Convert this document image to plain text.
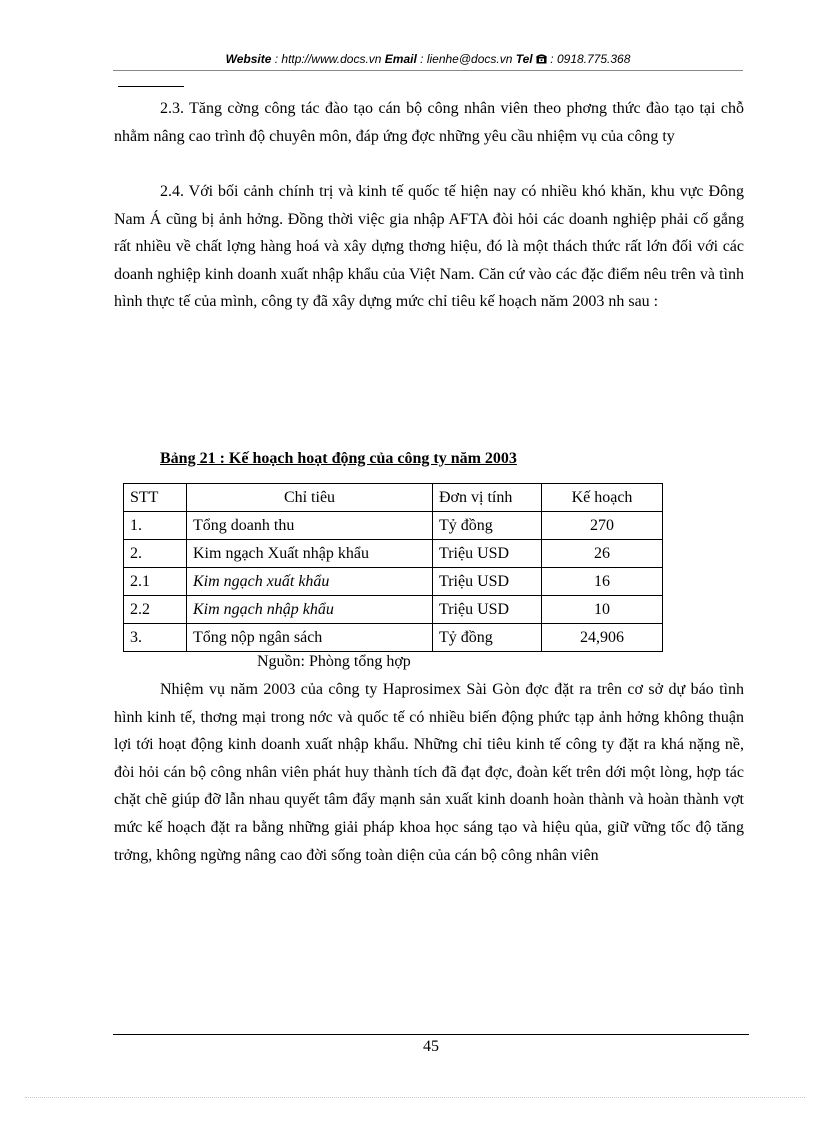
Website : http://www.docs.vn Email : lienhe@docs.vn Tel  : 0918.775.368

2.3. Tăng cờng công tác đào tạo cán bộ công nhân viên theo phơng thức đào tạo tại chỗ nhằm nâng cao trình độ chuyên môn, đáp ứng đợc những yêu cầu nhiệm vụ của công ty

2.4. Với bối cảnh chính trị và kinh tế quốc tế hiện nay có nhiều khó khăn, khu vực Đông Nam Á cũng bị ảnh hởng. Đồng thời việc gia nhập AFTA đòi hỏi các doanh nghiệp phải cố gắng rất nhiều về chất lợng hàng hoá và xây dựng thơng hiệu, đó là một thách thức rất lớn đối với các doanh nghiệp kinh doanh xuất nhập khẩu của Việt Nam. Căn cứ vào các đặc điểm nêu trên và tình hình thực tế của mình, công ty đã xây dựng mức chỉ tiêu kế hoạch năm 2003 nh sau :

Bảng 21 : Kế hoạch hoạt động của công ty năm 2003
STT	Chỉ tiêu	Đơn vị tính	Kế hoạch
1.	Tổng doanh thu	Tỷ đồng	270
2.	Kim ngạch Xuất nhập khẩu	Triệu USD	26
2.1	Kim ngạch xuất khẩu	Triệu USD	16
2.2	Kim ngạch nhập khẩu	Triệu USD	10
3.	Tổng nộp ngân sách	Tỷ đồng	24,906
Nguồn: Phòng tổng hợp

Nhiệm vụ năm 2003 của công ty Haprosimex Sài Gòn đợc đặt ra trên cơ sở dự báo tình hình kinh tế, thơng mại trong nớc và quốc tế có nhiều biến động phức tạp ảnh hởng không thuận lợi tới hoạt động kinh doanh xuất nhập khẩu. Những chỉ tiêu kinh tế công ty đặt ra khá nặng nề, đòi hỏi cán bộ công nhân viên phát huy thành tích đã đạt đợc, đoàn kết trên dới một lòng, hợp tác chặt chẽ giúp đỡ lẫn nhau quyết tâm đẩy mạnh sản xuất kinh doanh hoàn thành và hoàn thành vợt mức kế hoạch đặt ra bằng những giải pháp khoa học sáng tạo và hiệu qủa, giữ vững tốc độ tăng trởng, không ngừng nâng cao đời sống toàn diện của cán bộ công nhân viên

45
